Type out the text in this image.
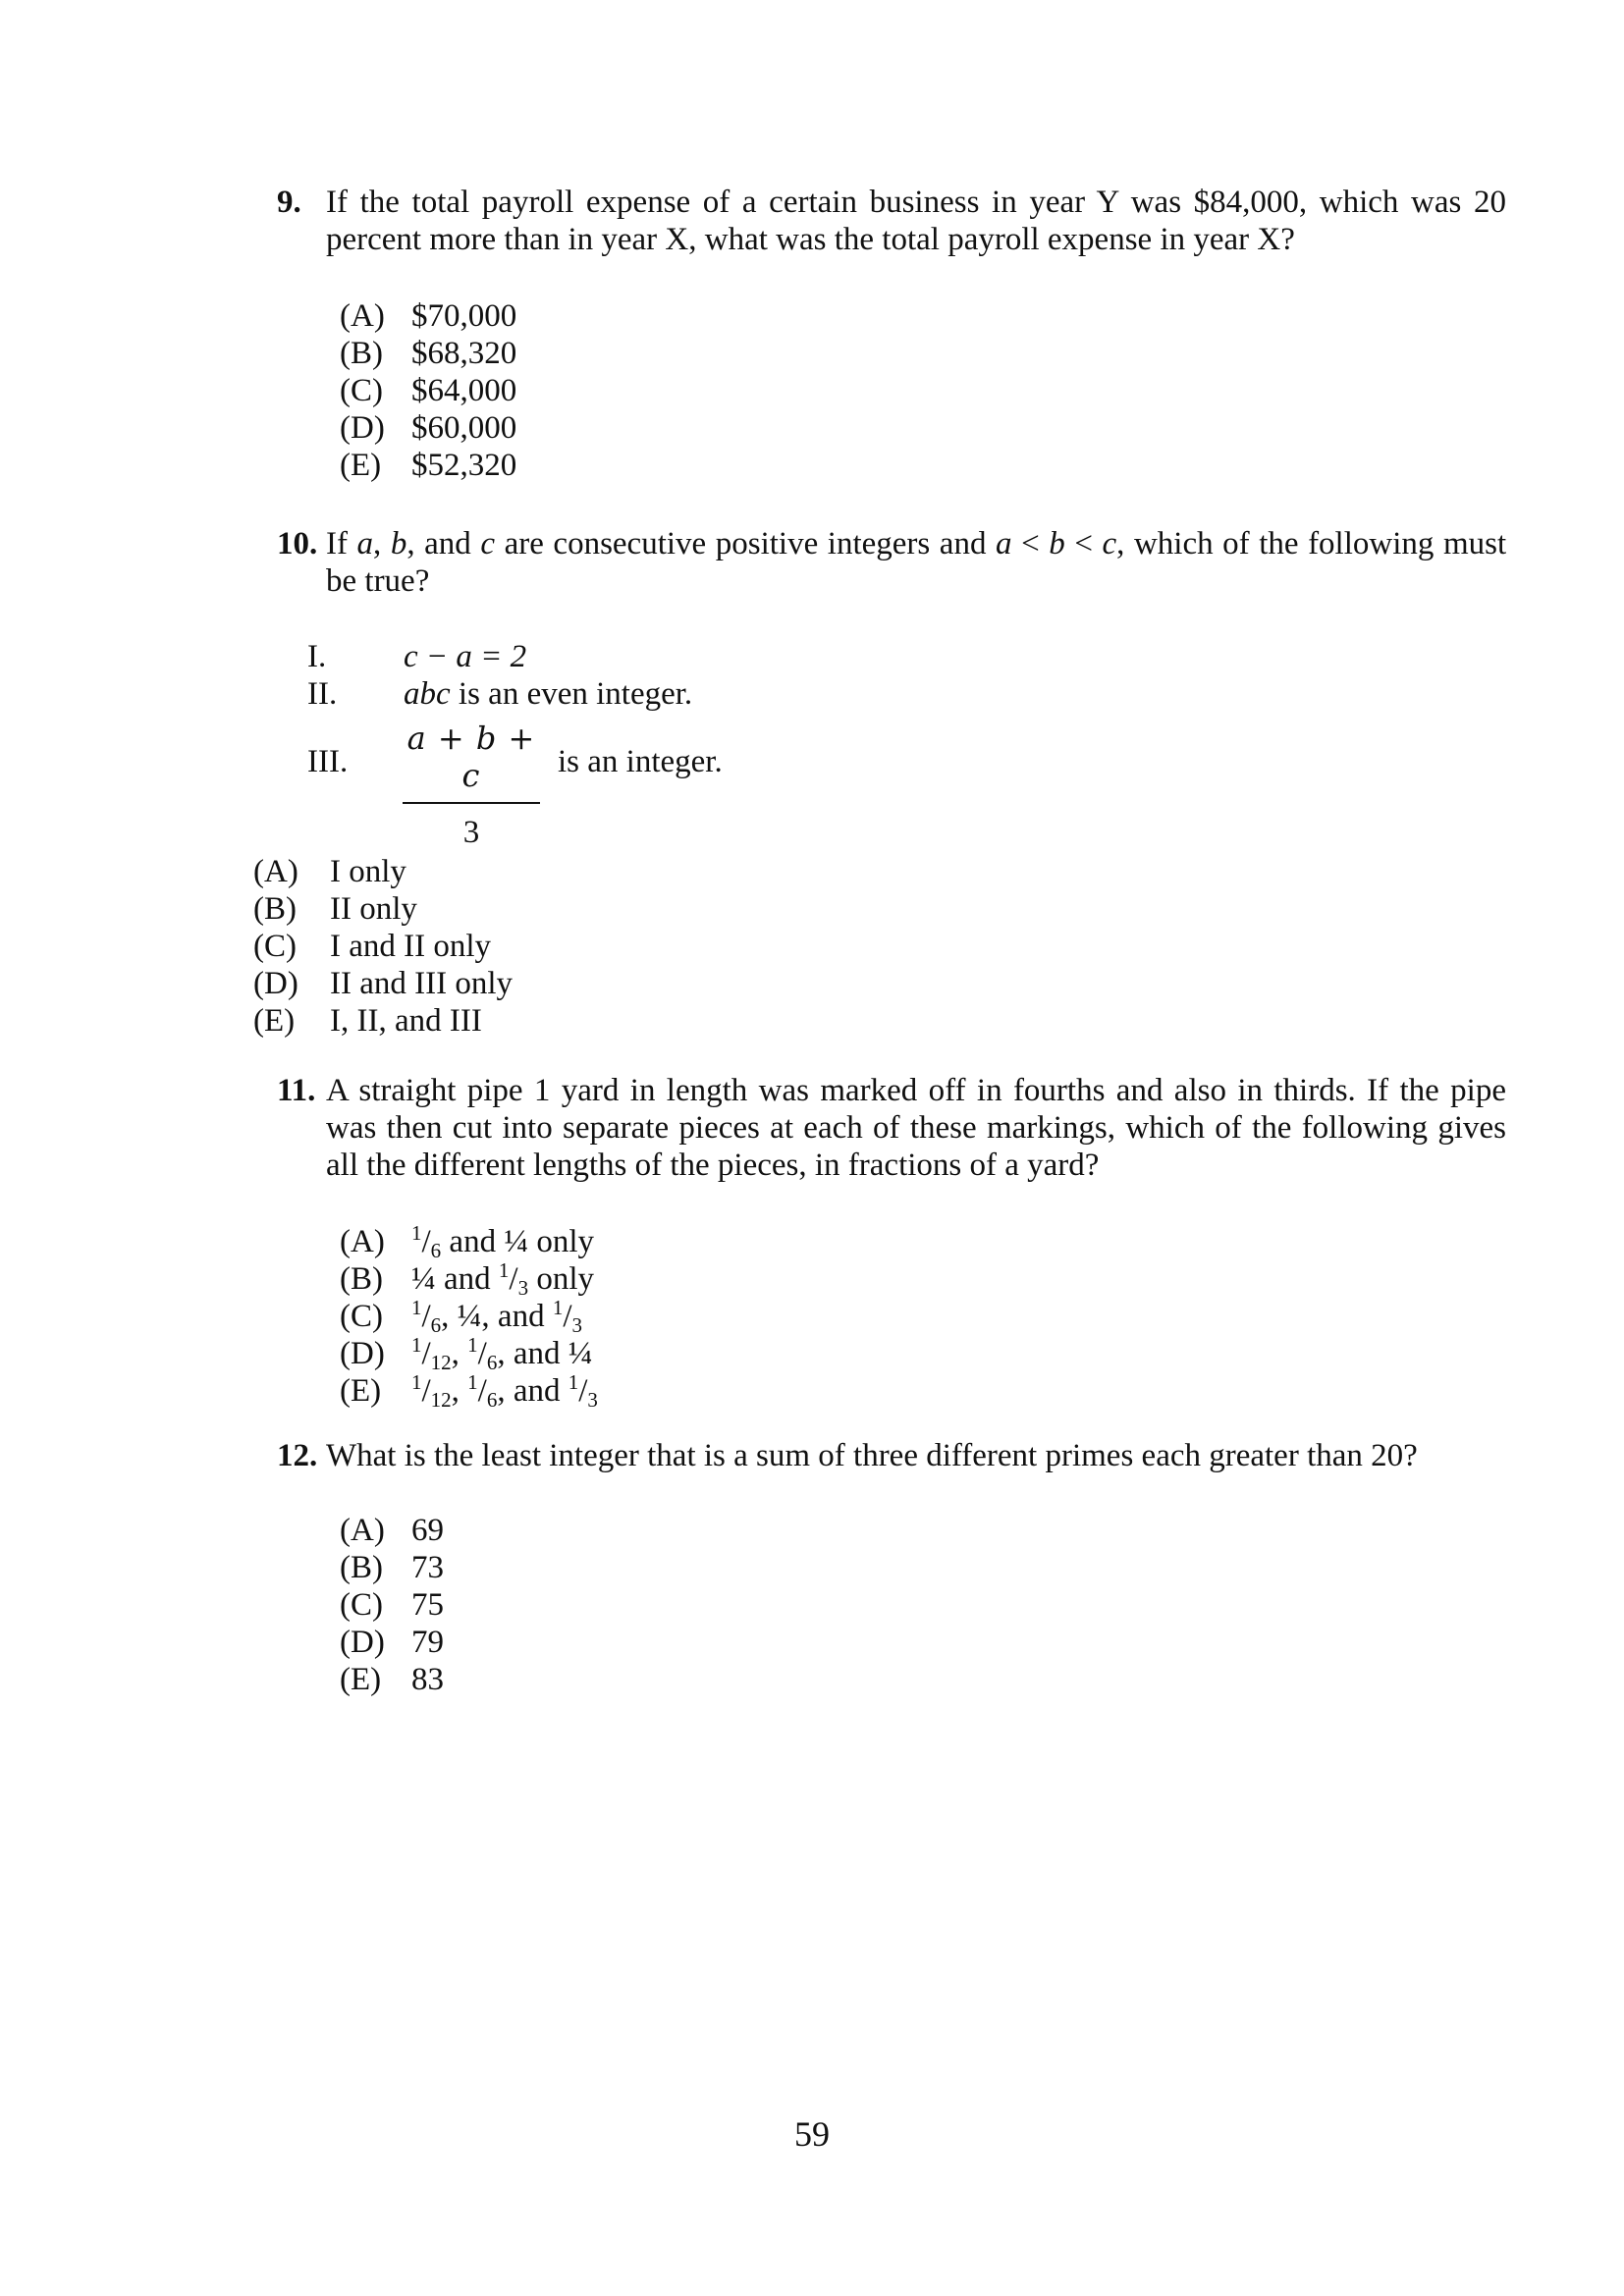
9. If the total payroll expense of a certain business in year Y was $84,000, which was 20 percent more than in year X, what was the total payroll expense in year X?
(A) $70,000
(B) $68,320
(C) $64,000
(D) $60,000
(E) $52,320
10. If a, b, and c are consecutive positive integers and a < b < c, which of the following must be true?
I. c − a = 2
II. abc is an even integer.
III.
a + b + c
3
is an integer.
(A) I only
(B)	II only
(C)	I and II only
(D) II and III only
(E)	I, II, and III
11. A straight pipe 1 yard in length was marked off in fourths and also in thirds. If the pipe was then cut into separate pieces at each of these markings, which of the following gives all the different lengths of the pieces, in fractions of a yard?
(A)	$^1/_6$ and ¼ only
(B) ¼ and $^1/_3$ only
(C)	$^1/_6$, ¼, and $^1/_3$
(D)	$^1/_{12}$, $^1/_6$, and ¼
(E)	$^1/_{12}$, $^1/_6$, and $^1/_3$
12. What is the least integer that is a sum of three different primes each greater than 20?
(A) 69
(B) 73
(C) 75
(D) 79
(E) 83
59
